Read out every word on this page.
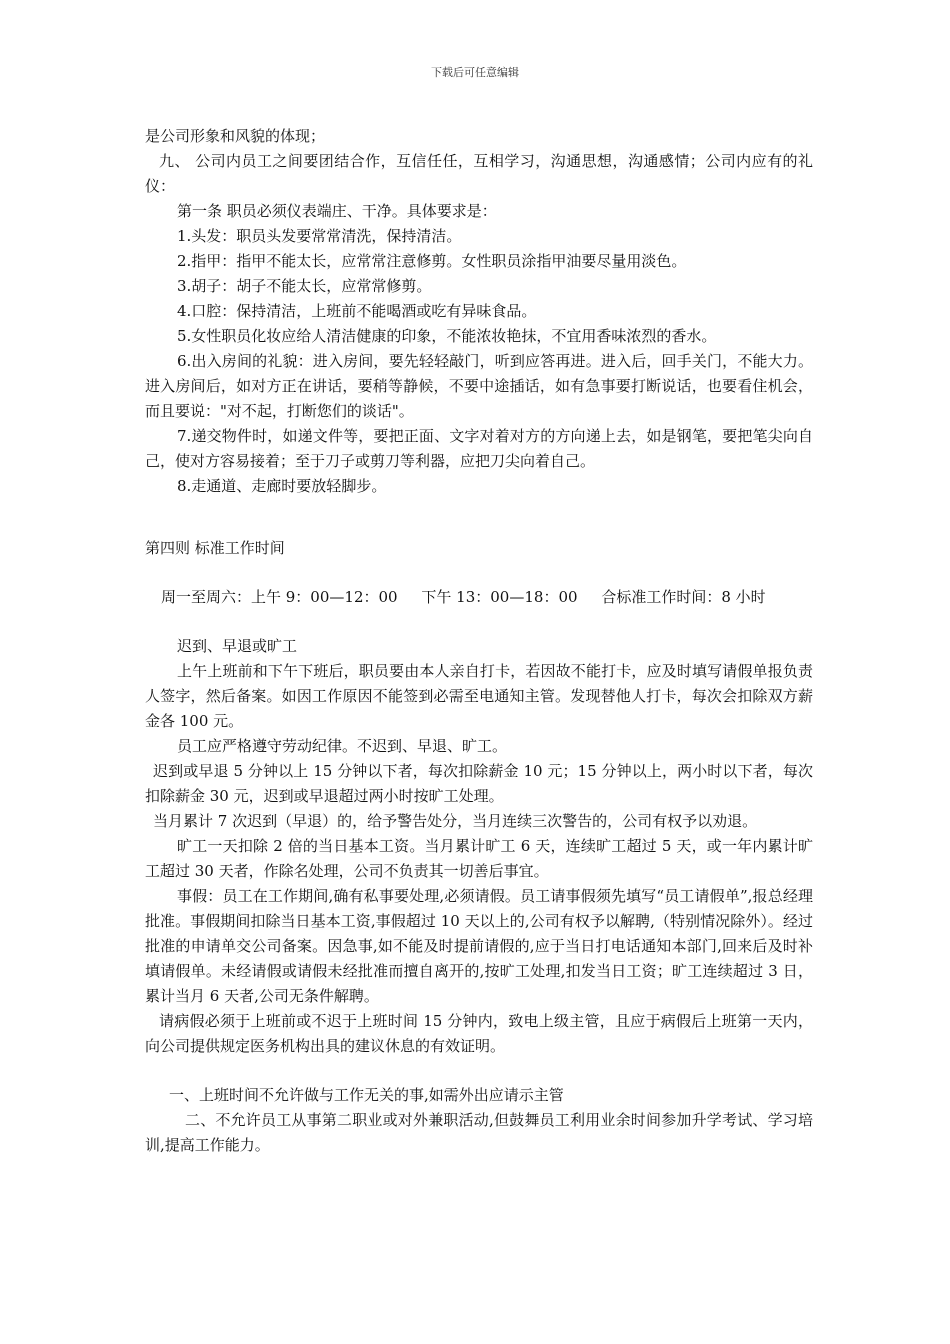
下载后可任意编辑

是公司形象和风貌的体现；

九、 公司内员工之间要团结合作，互信任任，互相学习，沟通思想，沟通感情；公司内应有的礼仪：

第一条 职员必须仪表端庄、干净。具体要求是：

1.头发：职员头发要常常清洗，保持清洁。

2.指甲：指甲不能太长，应常常注意修剪。女性职员涂指甲油要尽量用淡色。

3.胡子：胡子不能太长，应常常修剪。

4.口腔：保持清洁，上班前不能喝酒或吃有异味食品。

5.女性职员化妆应给人清洁健康的印象，不能浓妆艳抹，不宜用香味浓烈的香水。

6.出入房间的礼貌：进入房间，要先轻轻敲门，听到应答再进。进入后，回手关门，不能大力。进入房间后，如对方正在讲话，要稍等静候，不要中途插话，如有急事要打断说话，也要看住机会，而且要说："对不起，打断您们的谈话"。

7.递交物件时，如递文件等，要把正面、文字对着对方的方向递上去，如是钢笔，要把笔尖向自己，使对方容易接着；至于刀子或剪刀等利器，应把刀尖向着自己。

8.走通道、走廊时要放轻脚步。

第四则 标准工作时间

周一至周六：上午 9：00—12：00     下午 13：00—18：00     合标准工作时间：8 小时

迟到、早退或旷工

上午上班前和下午下班后，职员要由本人亲自打卡，若因故不能打卡，应及时填写请假单报负责人签字，然后备案。如因工作原因不能签到必需至电通知主管。发现替他人打卡，每次会扣除双方薪金各 100 元。

员工应严格遵守劳动纪律。不迟到、早退、旷工。

迟到或早退 5 分钟以上 15 分钟以下者，每次扣除薪金 10 元；15 分钟以上，两小时以下者，每次扣除薪金 30 元，迟到或早退超过两小时按旷工处理。

当月累计 7 次迟到（早退）的，给予警告处分，当月连续三次警告的，公司有权予以劝退。

旷工一天扣除 2 倍的当日基本工资。当月累计旷工 6 天，连续旷工超过 5 天，或一年内累计旷工超过 30 天者，作除名处理，公司不负责其一切善后事宜。

事假：员工在工作期间,确有私事要处理,必须请假。员工请事假须先填写“员工请假单”,报总经理批准。事假期间扣除当日基本工资,事假超过 10 天以上的,公司有权予以解聘,（特别情况除外）。经过批准的申请单交公司备案。因急事,如不能及时提前请假的,应于当日打电话通知本部门,回来后及时补填请假单。未经请假或请假未经批准而擅自离开的,按旷工处理,扣发当日工资；旷工连续超过 3 日，累计当月 6 天者,公司无条件解聘。

请病假必须于上班前或不迟于上班时间 15 分钟内，致电上级主管，且应于病假后上班第一天内，向公司提供规定医务机构出具的建议休息的有效证明。

一、上班时间不允许做与工作无关的事,如需外出应请示主管

二、不允许员工从事第二职业或对外兼职活动,但鼓舞员工利用业余时间参加升学考试、学习培训,提高工作能力。
